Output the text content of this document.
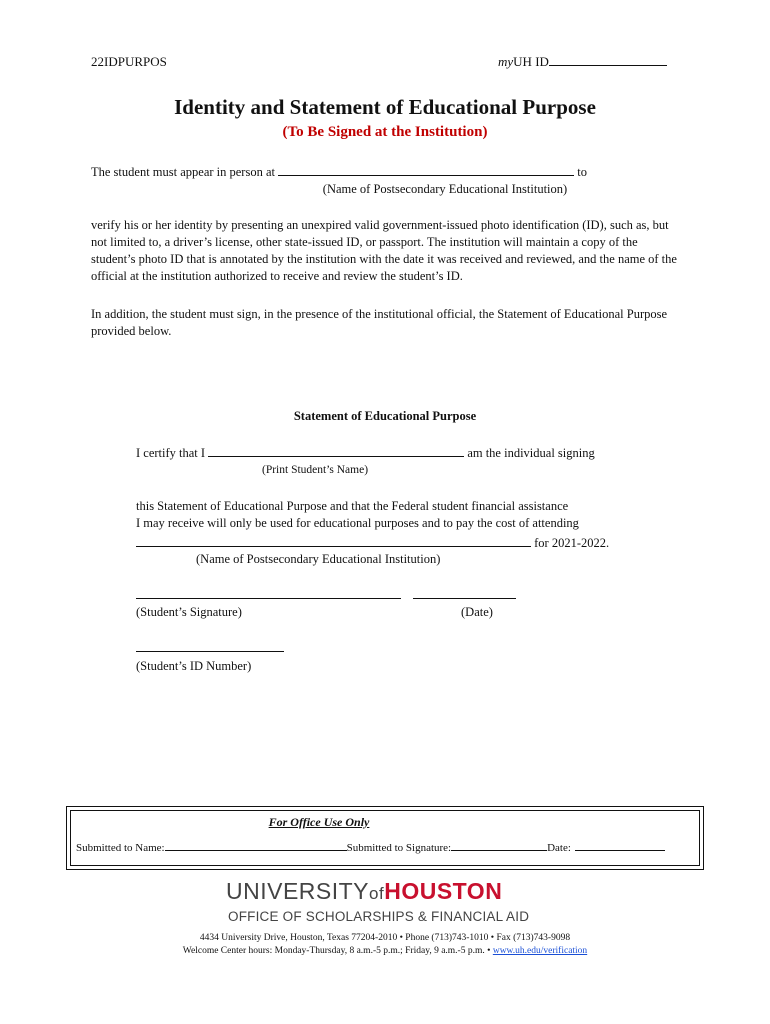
22IDPURPOS	myUH ID
Identity and Statement of Educational Purpose
(To Be Signed at the Institution)
The student must appear in person at	to
(Name of Postsecondary Educational Institution)
verify his or her identity by presenting an unexpired valid government-issued photo identification (ID), such as, but not limited to, a driver’s license, other state-issued ID, or passport. The institution will maintain a copy of the student’s photo ID that is annotated by the institution with the date it was received and reviewed, and the name of the official at the institution authorized to receive and review the student’s ID.
In addition, the student must sign, in the presence of the institutional official, the Statement of Educational Purpose provided below.
Statement of Educational Purpose
I certify that I	am the individual signing
(Print Student’s Name)
this Statement of Educational Purpose and that the Federal student financial assistance
I may receive will only be used for educational purposes and to pay the cost of attending
for 2021-2022.
(Name of Postsecondary Educational Institution)
(Student’s Signature)	(Date)
(Student’s ID Number)
For Office Use Only
Submitted to Name:	Submitted to Signature:	Date:
UNIVERSITYofHOUSTON
OFFICE OF SCHOLARSHIPS & FINANCIAL AID
4434 University Drive, Houston, Texas 77204-2010 • Phone (713)743-1010 • Fax (713)743-9098
Welcome Center hours: Monday-Thursday, 8 a.m.-5 p.m.; Friday, 9 a.m.-5 p.m. • www.uh.edu/verification
